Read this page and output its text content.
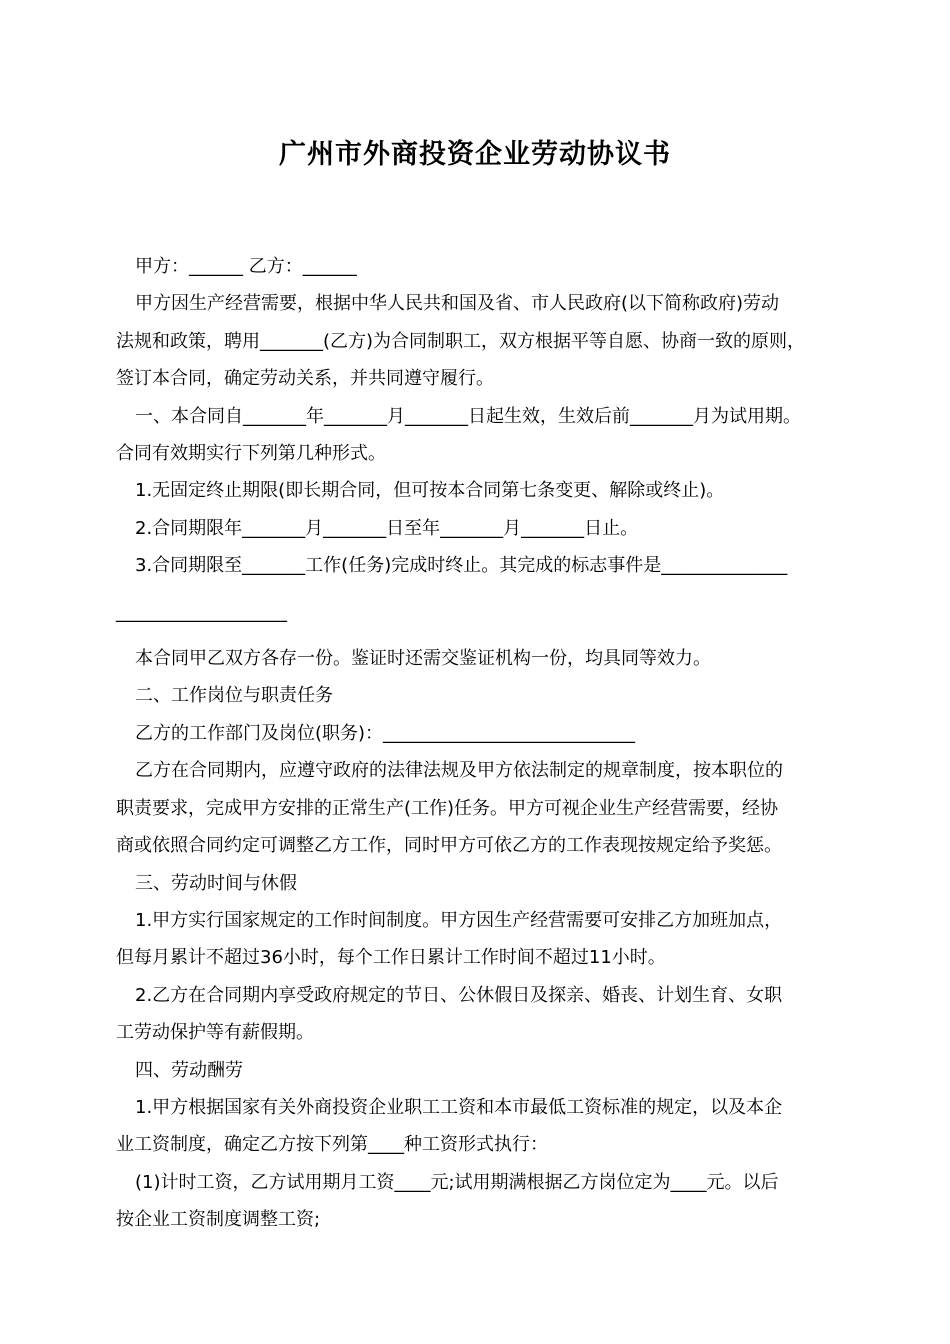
广州市外商投资企业劳动协议书

甲方：______ 乙方：______

甲方因生产经营需要，根据中华人民共和国及省、市人民政府(以下简称政府)劳动

法规和政策，聘用_______(乙方)为合同制职工，双方根据平等自愿、协商一致的原则，

签订本合同，确定劳动关系，并共同遵守履行。

一、本合同自_______年_______月_______日起生效，生效后前_______月为试用期。

合同有效期实行下列第几种形式。

1.无固定终止期限(即长期合同，但可按本合同第七条变更、解除或终止)。

2.合同期限年_______月_______日至年_______月_______日止。

3.合同期限至_______工作(任务)完成时终止。其完成的标志事件是______________

___________________

本合同甲乙双方各存一份。鉴证时还需交鉴证机构一份，均具同等效力。

二、工作岗位与职责任务

乙方的工作部门及岗位(职务)：____________________________

乙方在合同期内，应遵守政府的法律法规及甲方依法制定的规章制度，按本职位的

职责要求，完成甲方安排的正常生产(工作)任务。甲方可视企业生产经营需要，经协

商或依照合同约定可调整乙方工作，同时甲方可依乙方的工作表现按规定给予奖惩。

三、劳动时间与休假

1.甲方实行国家规定的工作时间制度。甲方因生产经营需要可安排乙方加班加点，

但每月累计不超过36小时，每个工作日累计工作时间不超过11小时。

2.乙方在合同期内享受政府规定的节日、公休假日及探亲、婚丧、计划生育、女职

工劳动保护等有薪假期。

四、劳动酬劳

1.甲方根据国家有关外商投资企业职工工资和本市最低工资标准的规定，以及本企

业工资制度，确定乙方按下列第____种工资形式执行：

(1)计时工资，乙方试用期月工资____元;试用期满根据乙方岗位定为____元。以后

按企业工资制度调整工资;
